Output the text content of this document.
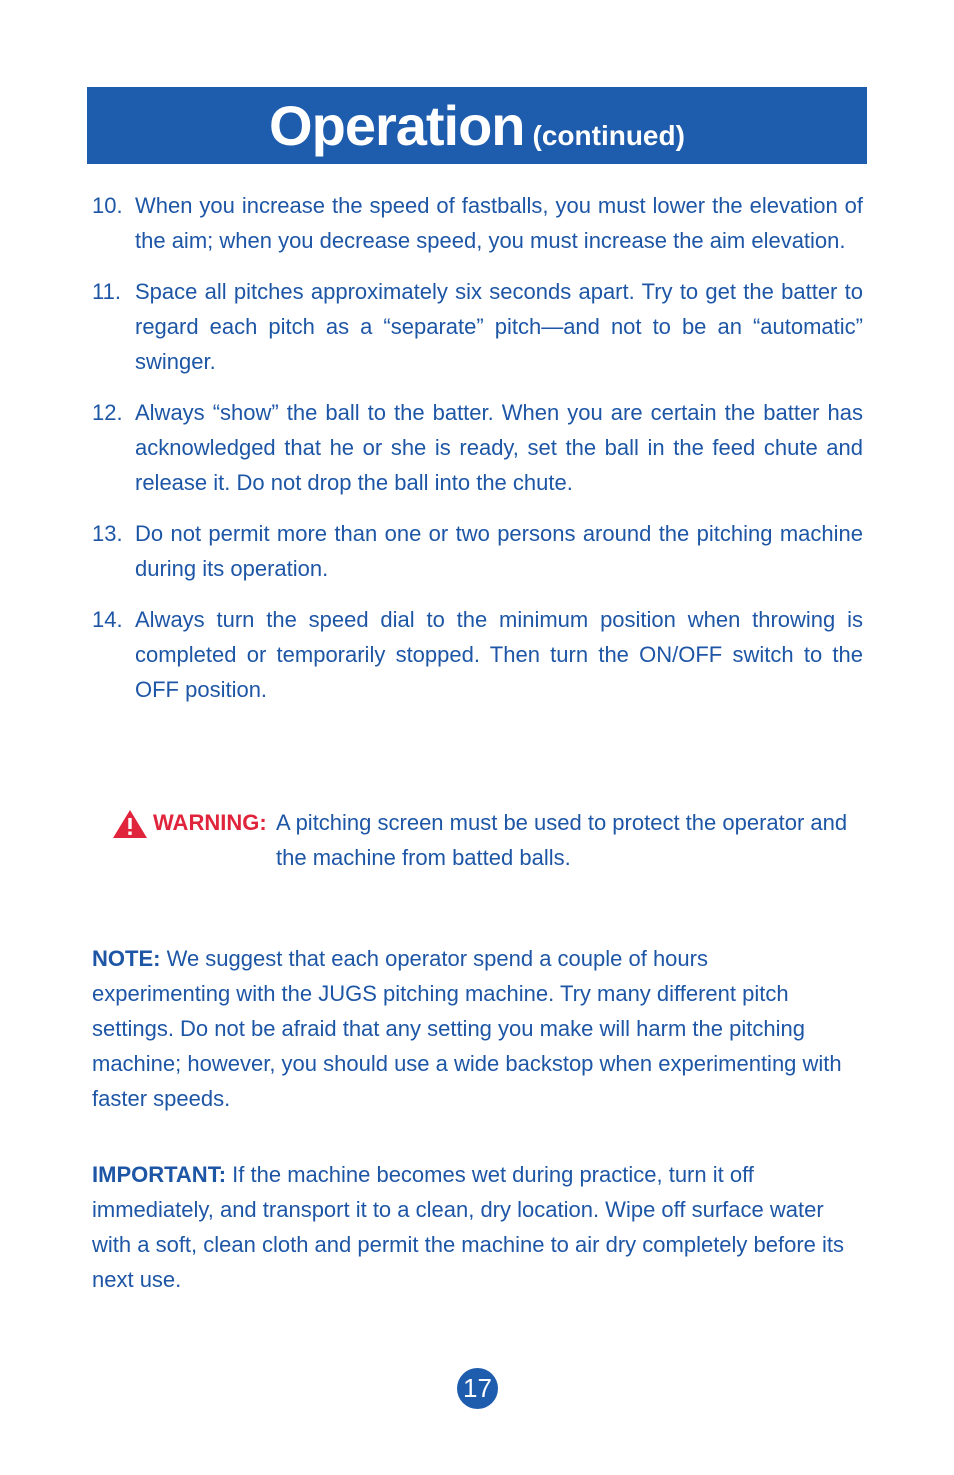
Operation (continued)
10. When you increase the speed of fastballs, you must lower the elevation of the aim; when you decrease speed, you must increase the aim elevation.
11. Space all pitches approximately six seconds apart. Try to get the batter to regard each pitch as a “separate” pitch—and not to be an “automatic” swinger.
12. Always “show” the ball to the batter. When you are certain the batter has acknowledged that he or she is ready, set the ball in the feed chute and release it. Do not drop the ball into the chute.
13. Do not permit more than one or two persons around the pitching machine during its operation.
14. Always turn the speed dial to the minimum position when throwing is completed or temporarily stopped. Then turn the ON/OFF switch to the OFF position.
WARNING: A pitching screen must be used to protect the operator and the machine from batted balls.
NOTE: We suggest that each operator spend a couple of hours experimenting with the JUGS pitching machine. Try many different pitch settings. Do not be afraid that any setting you make will harm the pitching machine; however, you should use a wide backstop when experimenting with faster speeds.
IMPORTANT: If the machine becomes wet during practice, turn it off immediately, and transport it to a clean, dry location. Wipe off surface water with a soft, clean cloth and permit the machine to air dry completely before its next use.
17
